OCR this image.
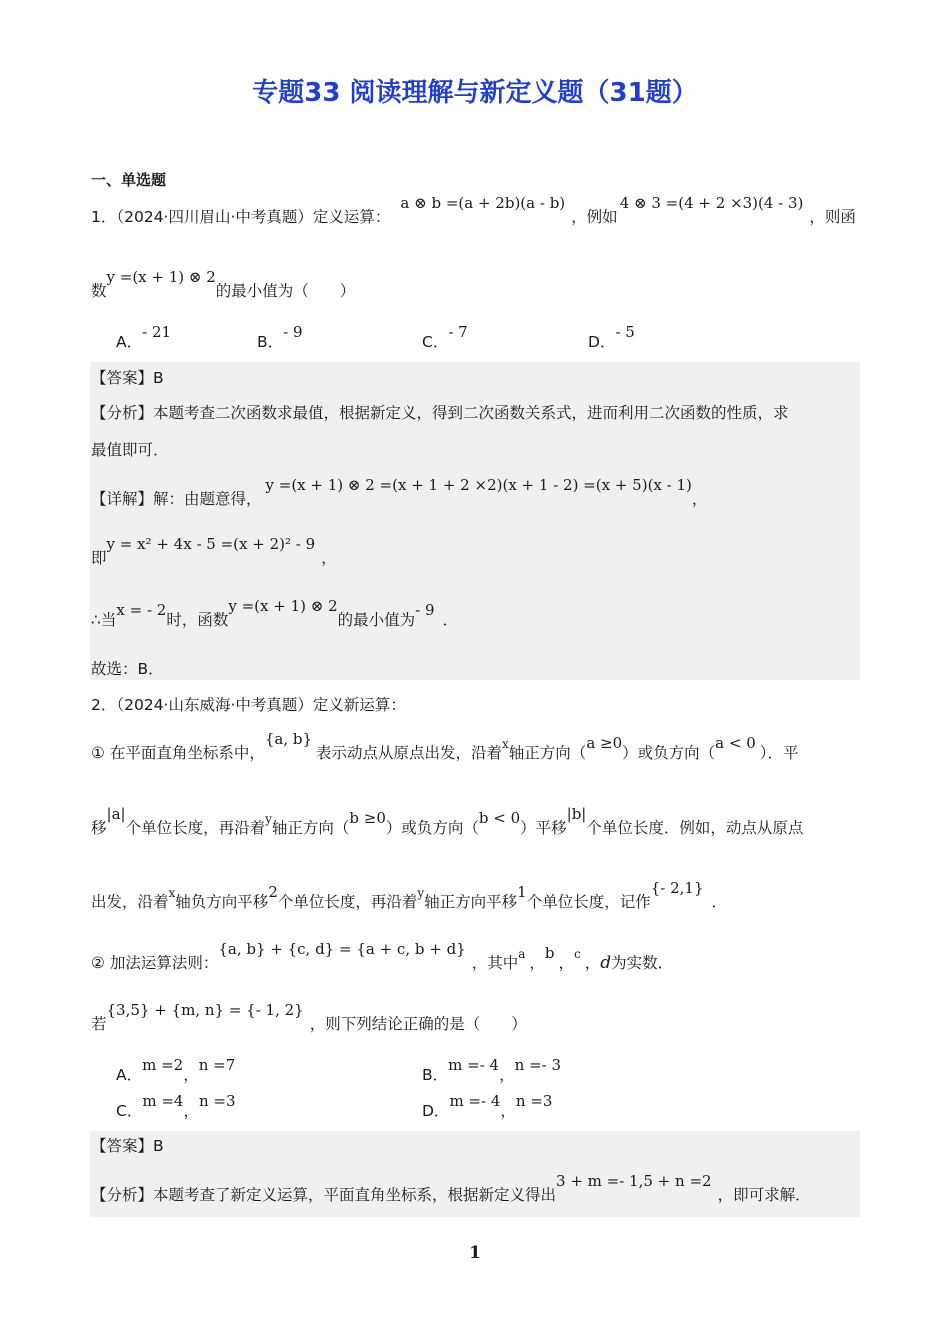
专题33 阅读理解与新定义题（31题）
一、单选题
1．（2024·四川眉山·中考真题）定义运算：a ⊗ b =(a + 2b)(a - b)，例如4 ⊗ 3 =(4 + 2 ×3)(4 - 3)，则函
数y =(x + 1) ⊗ 2的最小值为（　　）
A．- 21
B．- 9
C．- 7
D．- 5
【答案】B
【分析】本题考查二次函数求最值，根据新定义，得到二次函数关系式，进而利用二次函数的性质，求
最值即可．
【详解】解：由题意得，y =(x + 1) ⊗ 2 =(x + 1 + 2 ×2)(x + 1 - 2) =(x + 5)(x - 1)，
即y = x² + 4x - 5 =(x + 2)² - 9，
∴当x = - 2时，函数y =(x + 1) ⊗ 2的最小值为- 9．
故选：B．
2．（2024·山东威海·中考真题）定义新运算：
① 在平面直角坐标系中，{a, b}表示动点从原点出发，沿着$^x$轴正方向（a ≥0）或负方向（a < 0）．平
移|a|个单位长度，再沿着$^y$轴正方向（b ≥0）或负方向（b < 0）平移|b|个单位长度．例如，动点从原点
出发，沿着$^x$轴负方向平移2个单位长度，再沿着$^y$轴正方向平移1个单位长度，记作{- 2,1}．
② 加法运算法则：{a, b} + {c, d} = {a + c, b + d}，其中$^a$ ，b，$^c$ ，d为实数．
若{3,5} + {m, n} = {- 1, 2}，则下列结论正确的是（　　）
A．m =2，n =7
B．m =- 4，n =- 3
C．m =4，n =3
D．m =- 4，n =3
【答案】B
【分析】本题考查了新定义运算，平面直角坐标系，根据新定义得出3 + m =- 1,5 + n =2，即可求解．
1
